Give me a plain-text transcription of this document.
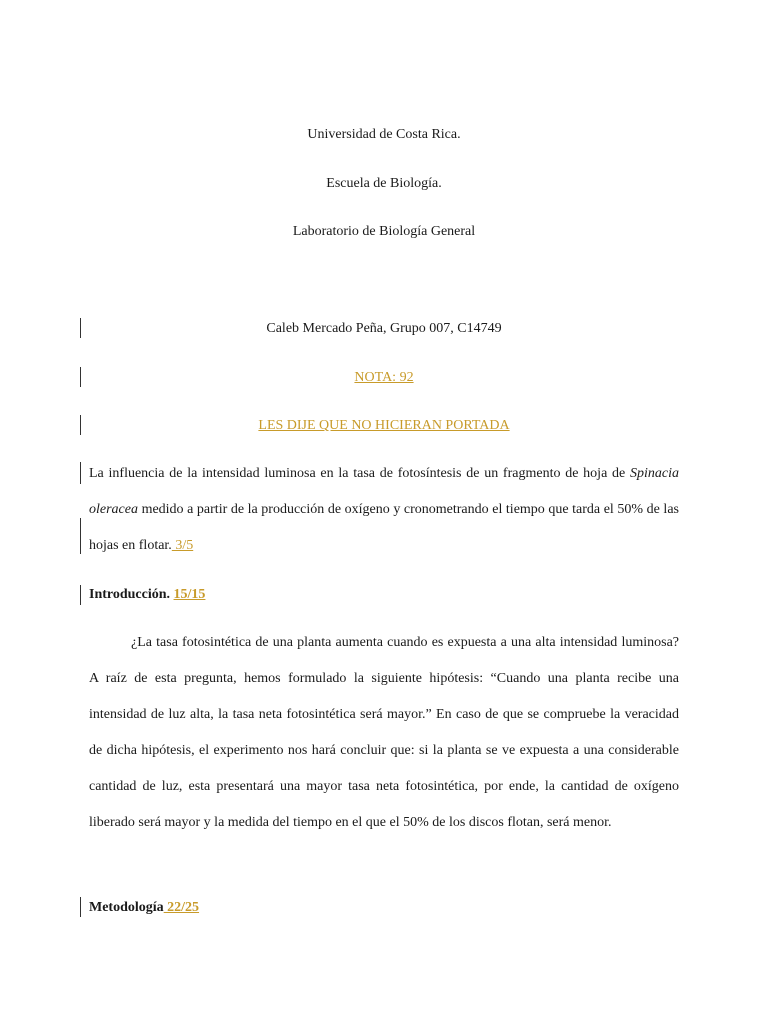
Universidad de Costa Rica.
Escuela de Biología.
Laboratorio de Biología General
Caleb Mercado Peña, Grupo 007, C14749
NOTA: 92
LES DIJE QUE NO HICIERAN PORTADA
La influencia de la intensidad luminosa en la tasa de fotosíntesis de un fragmento de hoja de Spinacia oleracea medido a partir de la producción de oxígeno y cronometrando el tiempo que tarda el 50% de las hojas en flotar. 3/5
Introducción. 15/15
¿La tasa fotosintética de una planta aumenta cuando es expuesta a una alta intensidad luminosa? A raíz de esta pregunta, hemos formulado la siguiente hipótesis: “Cuando una planta recibe una intensidad de luz alta, la tasa neta fotosintética será mayor.” En caso de que se compruebe la veracidad de dicha hipótesis, el experimento nos hará concluir que: si la planta se ve expuesta a una considerable cantidad de luz, esta presentará una mayor tasa neta fotosintética, por ende, la cantidad de oxígeno liberado será mayor y la medida del tiempo en el que el 50% de los discos flotan, será menor.
Metodología 22/25
